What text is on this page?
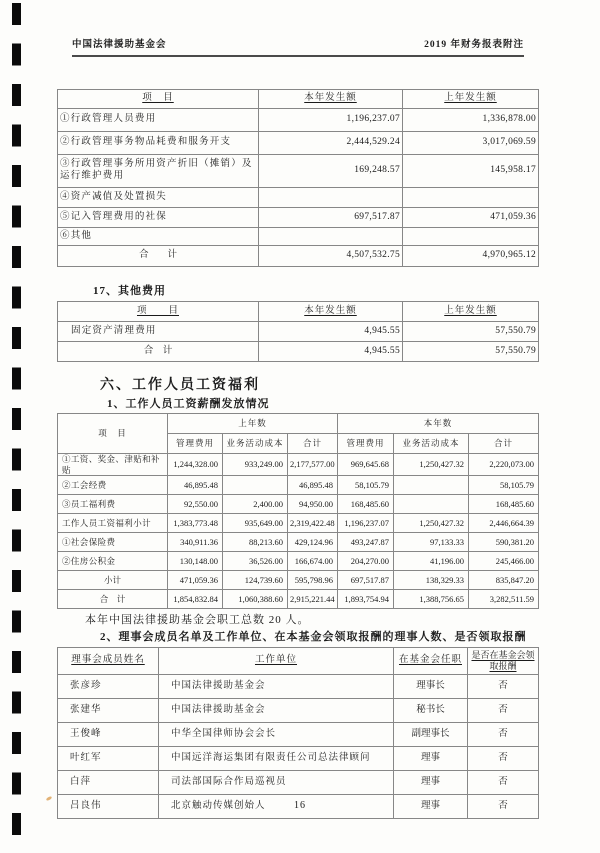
中国法律援助基金会	2019 年财务报表附注
项　目	本年发生额	上年发生额
①行政管理人员费用	1,196,237.07	1,336,878.00
②行政管理事务物品耗费和服务开支	2,444,529.24	3,017,069.59
③行政管理事务所用资产折旧（摊销）及运行维护费用	169,248.57	145,958.17
④资产减值及处置损失		
⑤记入管理费用的社保	697,517.87	471,059.36
⑥其他		
合　　计	4,507,532.75	4,970,965.12
17、其他费用
项　　目	本年发生额	上年发生额
固定资产清理费用	4,945.55	57,550.79
合　计	4,945.55	57,550.79
六、工作人员工资福利
1、工作人员工资薪酬发放情况
项　目	上年数			本年数		
	管理费用	业务活动成本	合计	管理费用	业务活动成本	合计
①工资、奖金、津贴和补贴	1,244,328.00	933,249.00	2,177,577.00	969,645.68	1,250,427.32	2,220,073.00
②工会经费	46,895.48		46,895.48	58,105.79		58,105.79
③员工福利费	92,550.00	2,400.00	94,950.00	168,485.60		168,485.60
工作人员工资福利小计	1,383,773.48	935,649.00	2,319,422.48	1,196,237.07	1,250,427.32	2,446,664.39
①社会保险费	340,911.36	88,213.60	429,124.96	493,247.87	97,133.33	590,381.20
②住房公积金	130,148.00	36,526.00	166,674.00	204,270.00	41,196.00	245,466.00
小计	471,059.36	124,739.60	595,798.96	697,517.87	138,329.33	835,847.20
合　计	1,854,832.84	1,060,388.60	2,915,221.44	1,893,754.94	1,388,756.65	3,282,511.59
本年中国法律援助基金会职工总数 20 人。
2、理事会成员名单及工作单位、在本基金会领取报酬的理事人数、是否领取报酬
理事会成员姓名	工作单位	在基金会任职	是否在基金会领取报酬
张彦珍	中国法律援助基金会	理事长	否
张建华	中国法律援助基金会	秘书长	否
王俊峰	中华全国律师协会会长	副理事长	否
叶红军	中国远洋海运集团有限责任公司总法律顾问	理事	否
白萍	司法部国际合作局巡视员	理事	否
吕良伟	北京触动传媒创始人	理事	否
16
